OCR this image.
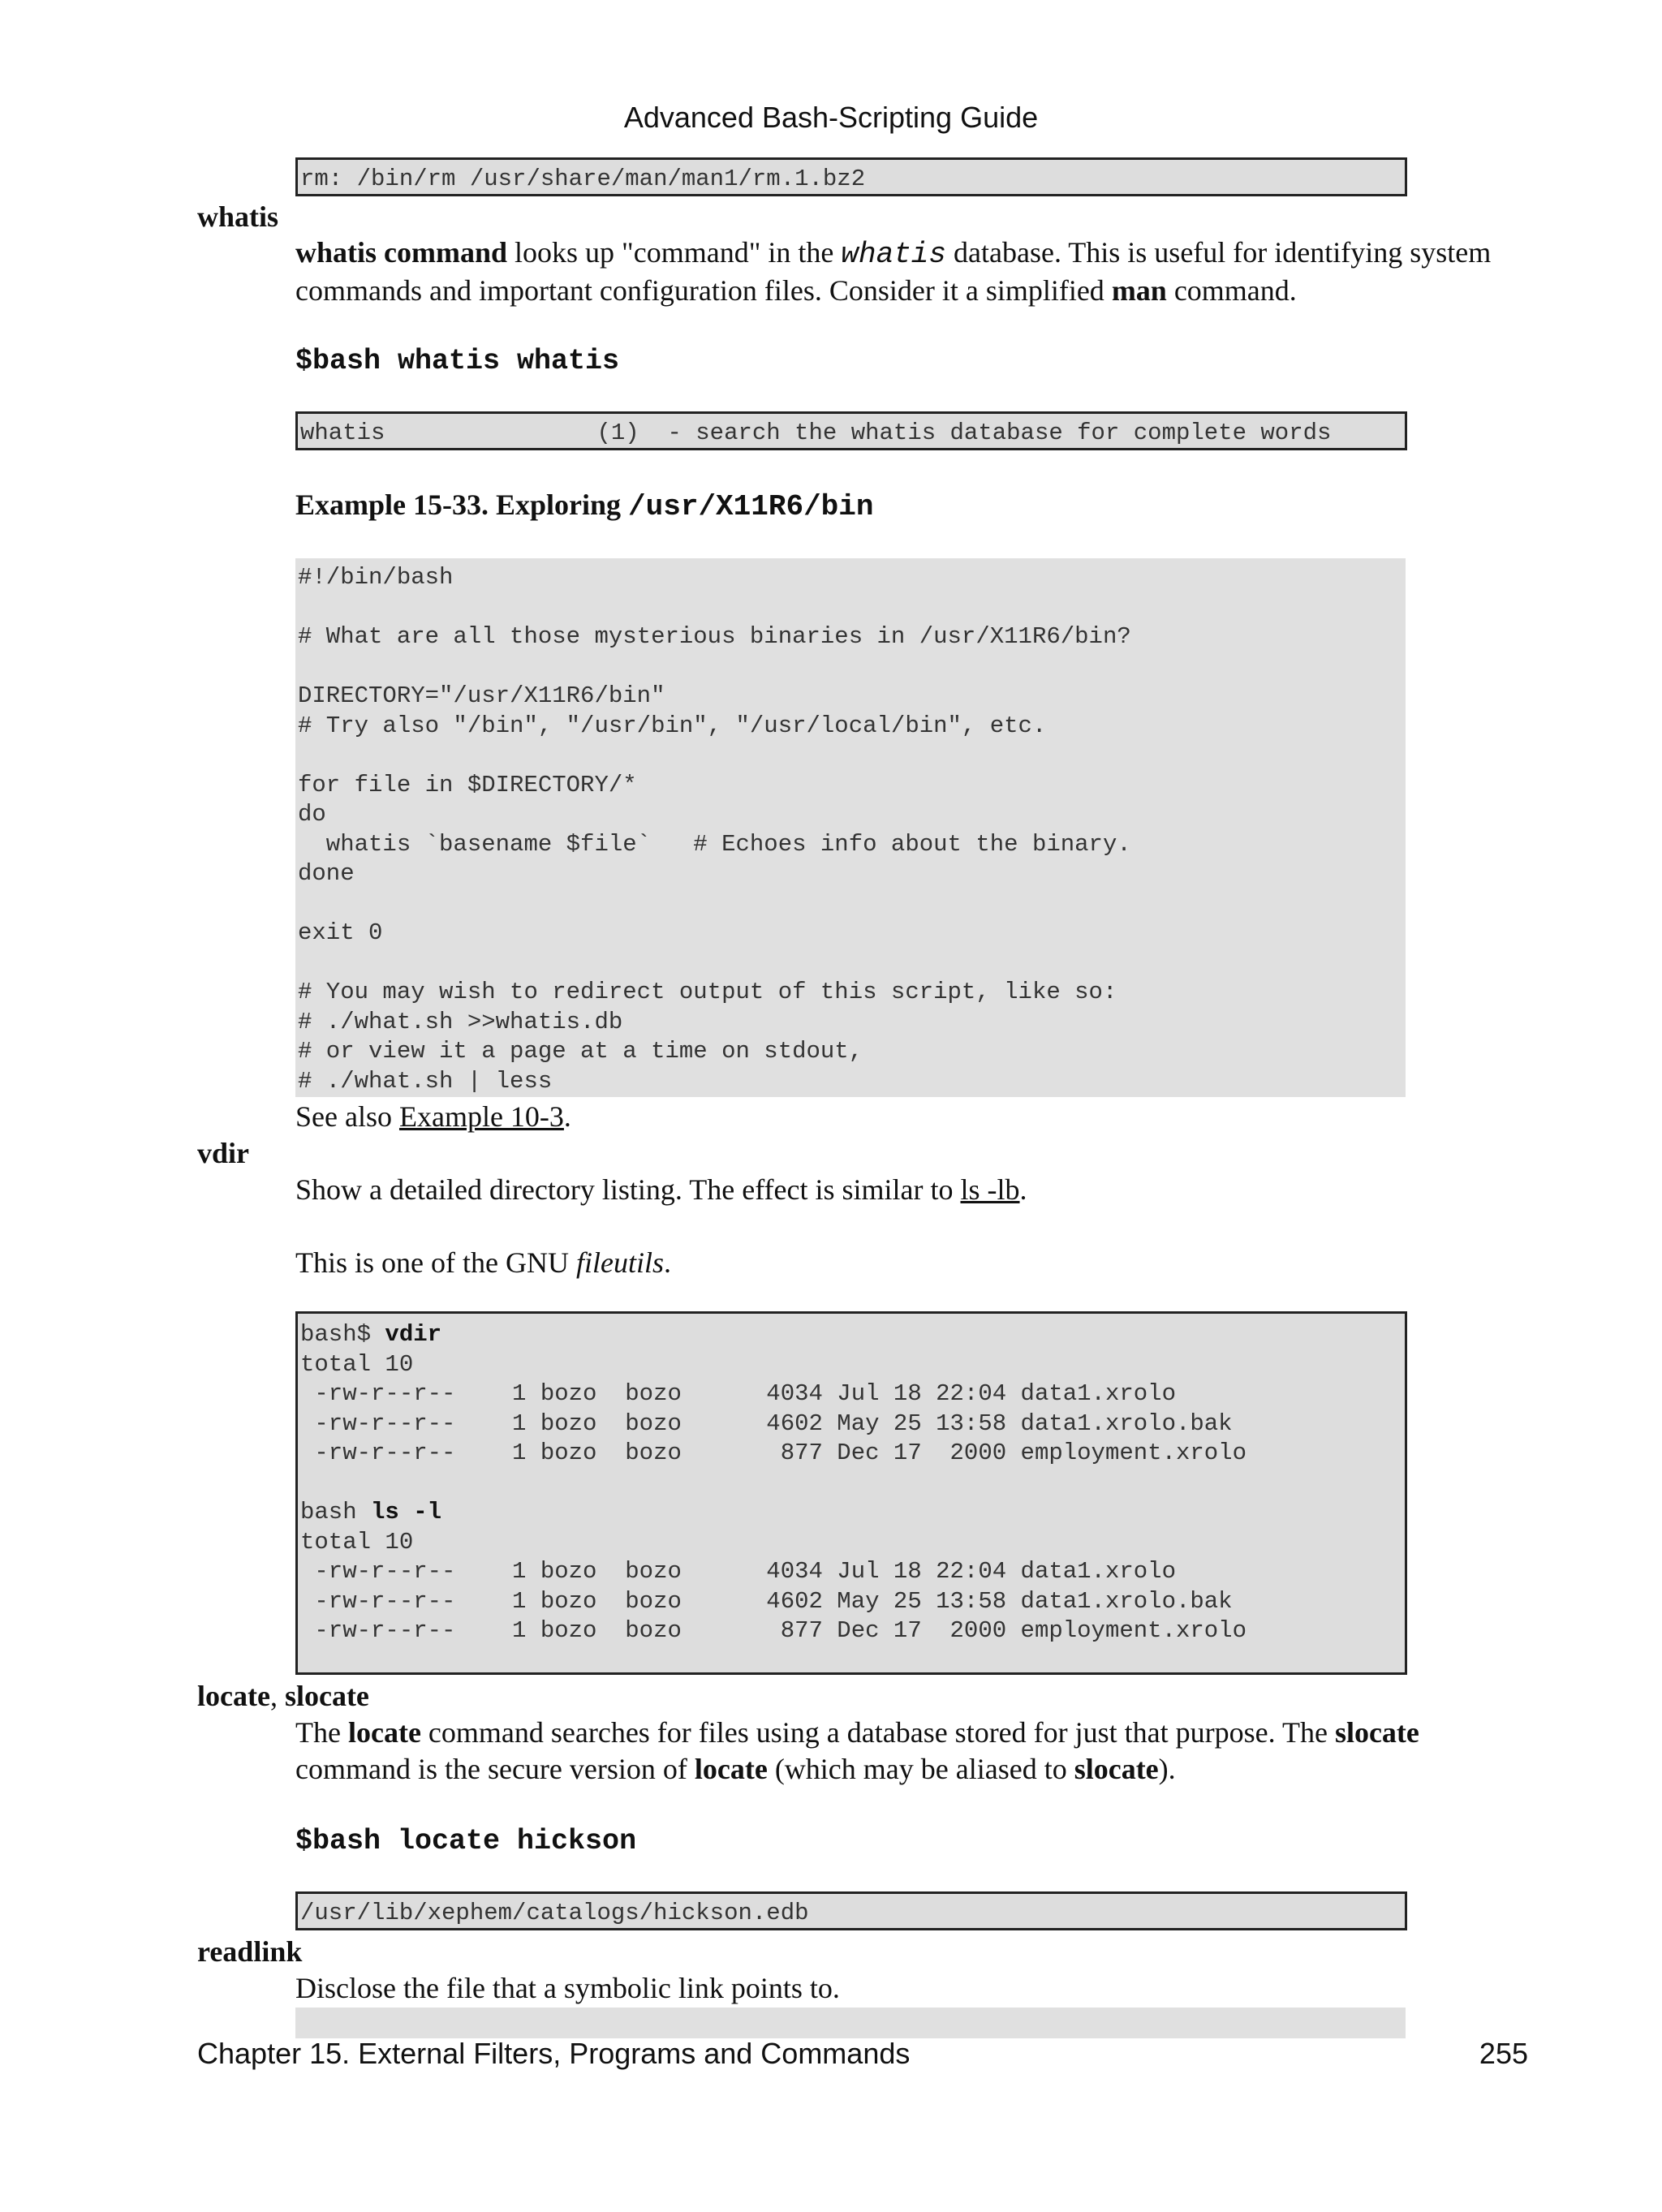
Advanced Bash-Scripting Guide
rm: /bin/rm /usr/share/man/man1/rm.1.bz2
whatis
whatis command looks up "command" in the whatis database. This is useful for identifying system
commands and important configuration files. Consider it a simplified man command.
$bash whatis whatis
whatis               (1)  - search the whatis database for complete words
Example 15-33. Exploring /usr/X11R6/bin
#!/bin/bash

# What are all those mysterious binaries in /usr/X11R6/bin?

DIRECTORY="/usr/X11R6/bin"
# Try also "/bin", "/usr/bin", "/usr/local/bin", etc.

for file in $DIRECTORY/*
do
whatis `basename $file`   # Echoes info about the binary.
done

exit 0

# You may wish to redirect output of this script, like so:
# ./what.sh >>whatis.db
# or view it a page at a time on stdout,
# ./what.sh | less
See also Example 10-3.
vdir
Show a detailed directory listing. The effect is similar to ls -lb.
This is one of the GNU fileutils.
bash$ vdir
total 10
-rw-r--r--    1 bozo  bozo      4034 Jul 18 22:04 data1.xrolo
-rw-r--r--    1 bozo  bozo      4602 May 25 13:58 data1.xrolo.bak
-rw-r--r--    1 bozo  bozo       877 Dec 17  2000 employment.xrolo

bash ls -l
total 10
-rw-r--r--    1 bozo  bozo      4034 Jul 18 22:04 data1.xrolo
-rw-r--r--    1 bozo  bozo      4602 May 25 13:58 data1.xrolo.bak
-rw-r--r--    1 bozo  bozo       877 Dec 17  2000 employment.xrolo
locate, slocate
The locate command searches for files using a database stored for just that purpose. The slocate
command is the secure version of locate (which may be aliased to slocate).
$bash locate hickson
/usr/lib/xephem/catalogs/hickson.edb
readlink
Disclose the file that a symbolic link points to.
Chapter 15. External Filters, Programs and Commands	255
